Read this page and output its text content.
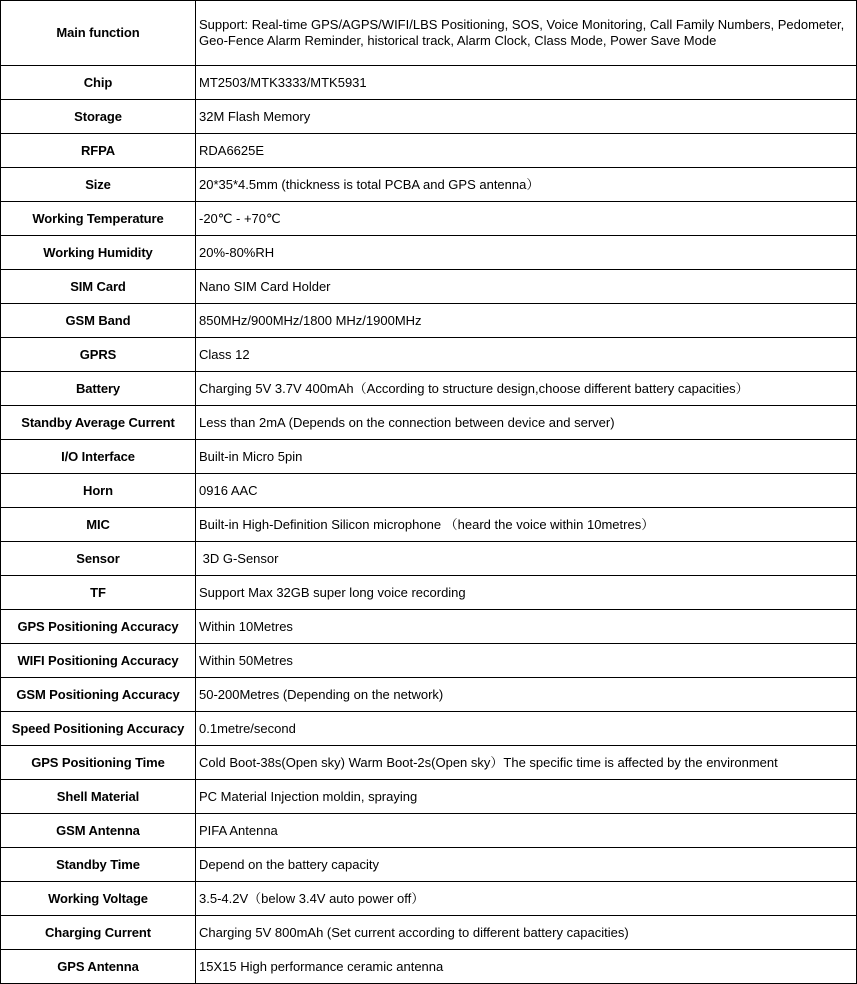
Main function	Support: Real-time GPS/AGPS/WIFI/LBS Positioning, SOS, Voice Monitoring, Call Family Numbers, Pedometer, Geo-Fence Alarm Reminder, historical track, Alarm Clock, Class Mode, Power Save Mode
Chip	MT2503/MTK3333/MTK5931
Storage	32M Flash Memory
RFPA	RDA6625E
Size	20*35*4.5mm (thickness is total PCBA and GPS antenna）
Working Temperature	-20℃ - +70℃
Working Humidity	20%-80%RH
SIM Card	Nano SIM Card Holder
GSM Band	850MHz/900MHz/1800 MHz/1900MHz
GPRS	Class 12
Battery	Charging 5V 3.7V 400mAh（According to structure design,choose different battery capacities）
Standby Average Current	Less than 2mA (Depends on the connection between device and server)
I/O Interface	Built-in Micro 5pin
Horn	0916 AAC
MIC	Built-in High-Definition Silicon microphone （heard the voice within 10metres）
Sensor	3D G-Sensor
TF	Support Max 32GB super long voice recording
GPS Positioning Accuracy	Within 10Metres
WIFI Positioning Accuracy	Within 50Metres
GSM Positioning Accuracy	50-200Metres (Depending on the network)
Speed Positioning Accuracy	0.1metre/second
GPS Positioning Time	Cold Boot-38s(Open sky) Warm Boot-2s(Open sky）The specific time is affected by the environment
Shell Material	PC Material Injection moldin, spraying
GSM Antenna	PIFA Antenna
Standby Time	Depend on the battery capacity
Working Voltage	3.5-4.2V（below 3.4V auto power off）
Charging Current	Charging 5V 800mAh (Set current according to different battery capacities)
GPS Antenna	15X15 High performance ceramic antenna
